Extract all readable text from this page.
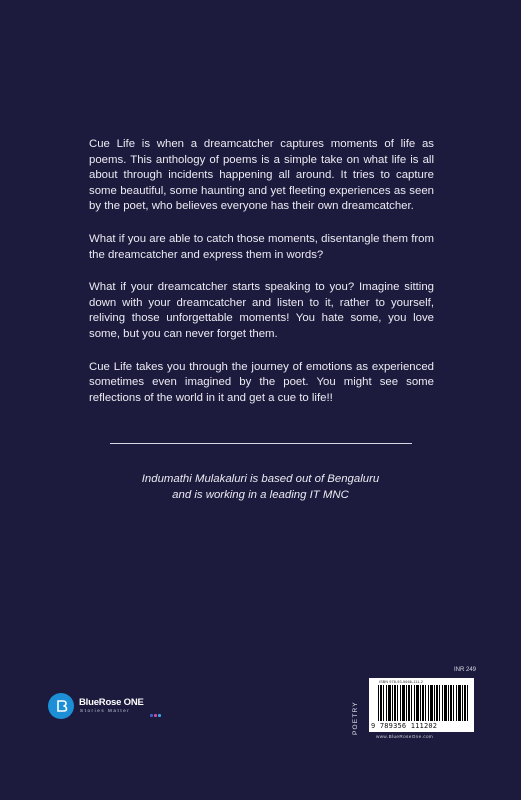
Cue Life is when a dreamcatcher captures moments of life as poems. This anthology of poems is a simple take on what life is all about through incidents happening all around. It tries to capture some beautiful, some haunting and yet fleeting experiences as seen by the poet, who believes everyone has their own dreamcatcher.

What if you are able to catch those moments, disentangle them from the dreamcatcher and express them in words?

What if your dreamcatcher starts speaking to you? Imagine sitting down with your dreamcatcher and listen to it, rather to yourself, reliving those unforgettable moments! You hate some, you love some, but you can never forget them.

Cue Life takes you through the journey of emotions as experienced sometimes even imagined by the poet. You might see some reflections of the world in it and get a cue to life!!

Indumathi Mulakaluri is based out of Bengaluru

and is working in a leading IT MNC

BlueRose ONE
Stories Matter
INR 249
POETRY
ISBN 978-93-5666-111-2
9 789356 111202
www.BlueRoseOne.com
